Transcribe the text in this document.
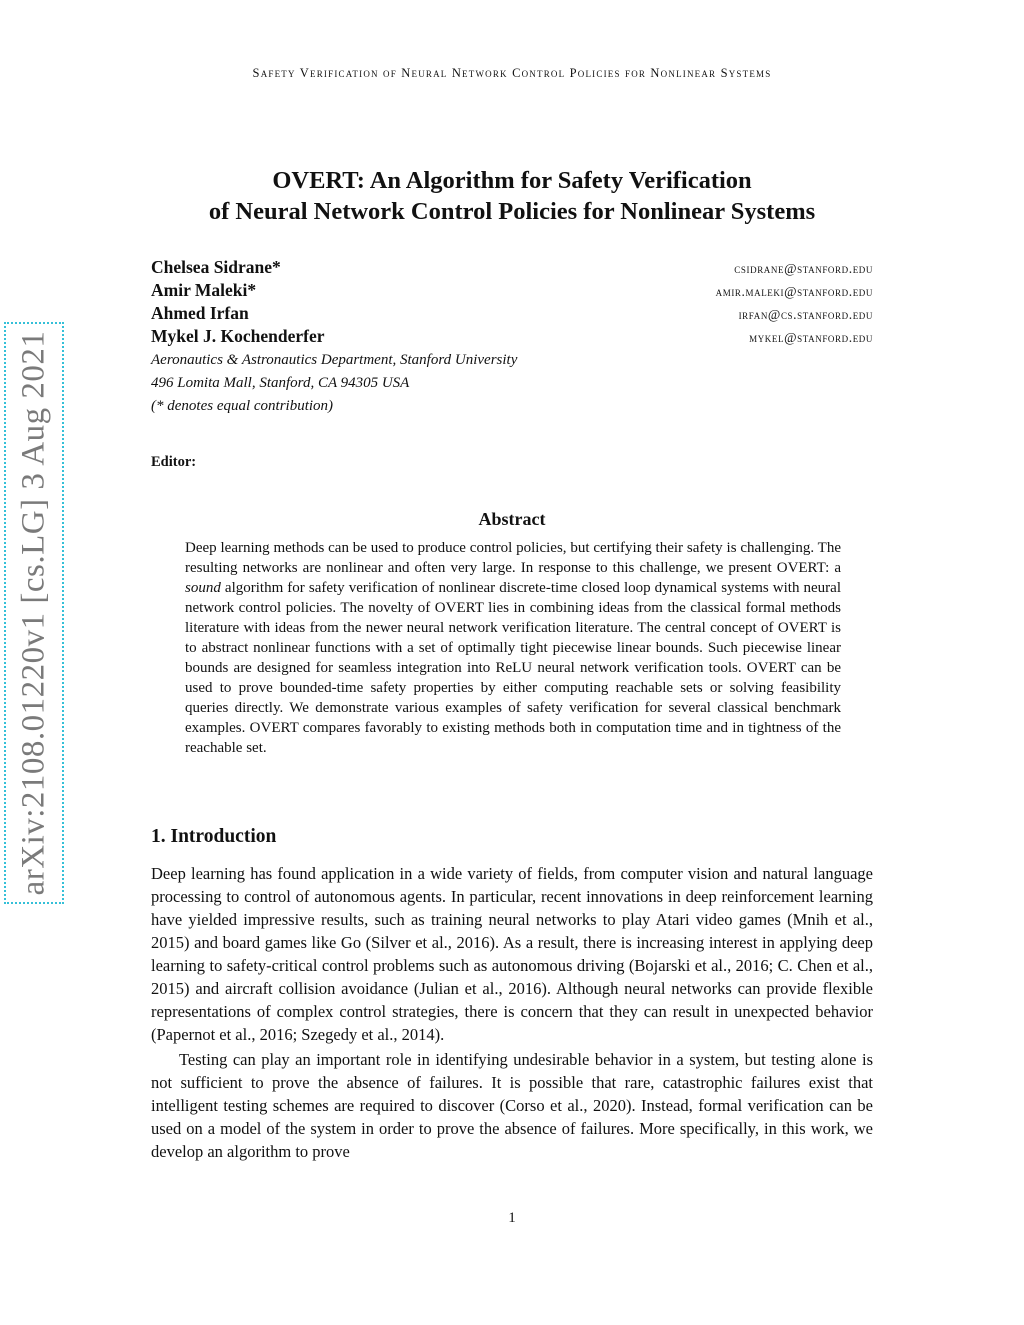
Safety Verification of Neural Network Control Policies for Nonlinear Systems
arXiv:2108.01220v1 [cs.LG] 3 Aug 2021
OVERT: An Algorithm for Safety Verification
of Neural Network Control Policies for Nonlinear Systems
Chelsea Sidrane*	csidrane@stanford.edu
Amir Maleki*	amir.maleki@stanford.edu
Ahmed Irfan	irfan@cs.stanford.edu
Mykel J. Kochenderfer	mykel@stanford.edu
Aeronautics & Astronautics Department, Stanford University
496 Lomita Mall, Stanford, CA 94305 USA
(* denotes equal contribution)
Editor:
Abstract
Deep learning methods can be used to produce control policies, but certifying their safety is challenging. The resulting networks are nonlinear and often very large. In response to this challenge, we present OVERT: a sound algorithm for safety verification of nonlinear discrete-time closed loop dynamical systems with neural network control policies. The novelty of OVERT lies in combining ideas from the classical formal methods literature with ideas from the newer neural network verification literature. The central concept of OVERT is to abstract nonlinear functions with a set of optimally tight piecewise linear bounds. Such piecewise linear bounds are designed for seamless integration into ReLU neural network verification tools. OVERT can be used to prove bounded-time safety properties by either computing reachable sets or solving feasibility queries directly. We demonstrate various examples of safety verification for several classical benchmark examples. OVERT compares favorably to existing methods both in computation time and in tightness of the reachable set.
1. Introduction

Deep learning has found application in a wide variety of fields, from computer vision and natural language processing to control of autonomous agents. In particular, recent innovations in deep reinforcement learning have yielded impressive results, such as training neural networks to play Atari video games (Mnih et al., 2015) and board games like Go (Silver et al., 2016). As a result, there is increasing interest in applying deep learning to safety-critical control problems such as autonomous driving (Bojarski et al., 2016; C. Chen et al., 2015) and aircraft collision avoidance (Julian et al., 2016). Although neural networks can provide flexible representations of complex control strategies, there is concern that they can result in unexpected behavior (Papernot et al., 2016; Szegedy et al., 2014).

Testing can play an important role in identifying undesirable behavior in a system, but testing alone is not sufficient to prove the absence of failures. It is possible that rare, catastrophic failures exist that intelligent testing schemes are required to discover (Corso et al., 2020). Instead, formal verification can be used on a model of the system in order to prove the absence of failures. More specifically, in this work, we develop an algorithm to prove

1
